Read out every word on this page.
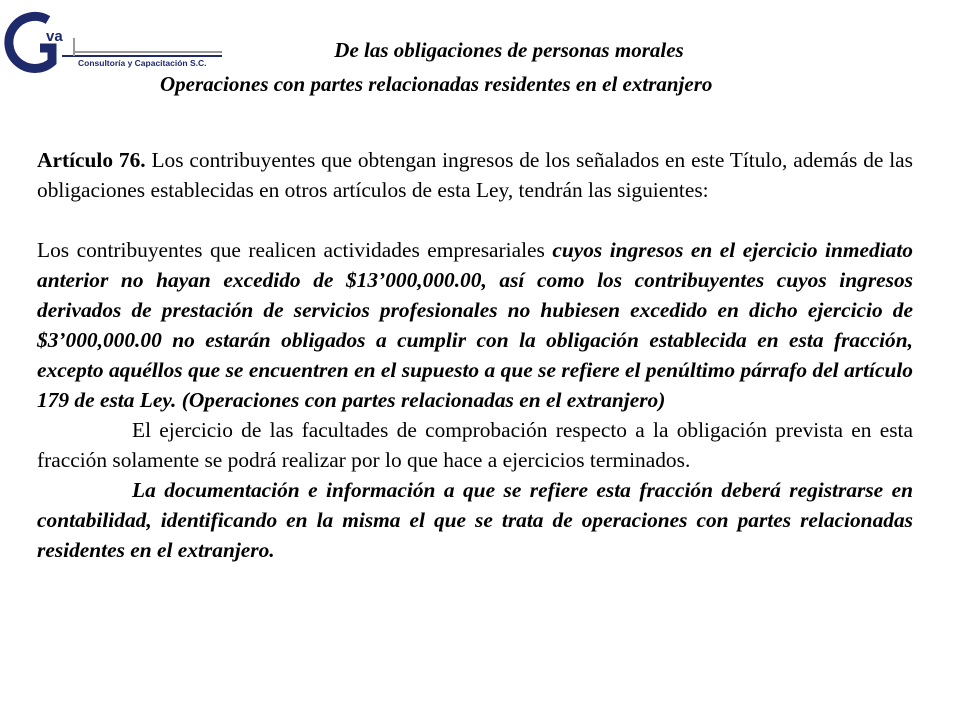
va
Consultoría y Capacitación S.C.
De las obligaciones de personas morales
Operaciones con partes relacionadas residentes en el extranjero

Artículo 76. Los contribuyentes que obtengan ingresos de los señalados en este Título, además de las obligaciones establecidas en otros artículos de esta Ley, tendrán las siguientes:

Los contribuyentes que realicen actividades empresariales cuyos ingresos en el ejercicio inmediato anterior no hayan excedido de $13’000,000.00, así como los contribuyentes cuyos ingresos derivados de prestación de servicios profesionales no hubiesen excedido en dicho ejercicio de $3’000,000.00 no estarán obligados a cumplir con la obligación establecida en esta fracción, excepto aquéllos que se encuentren en el supuesto a que se refiere el penúltimo párrafo del artículo 179 de esta Ley. (Operaciones con partes relacionadas en el extranjero)

El ejercicio de las facultades de comprobación respecto a la obligación prevista en esta fracción solamente se podrá realizar por lo que hace a ejercicios terminados.

La documentación e información a que se refiere esta fracción deberá registrarse en contabilidad, identificando en la misma el que se trata de operaciones con partes relacionadas residentes en el extranjero.
